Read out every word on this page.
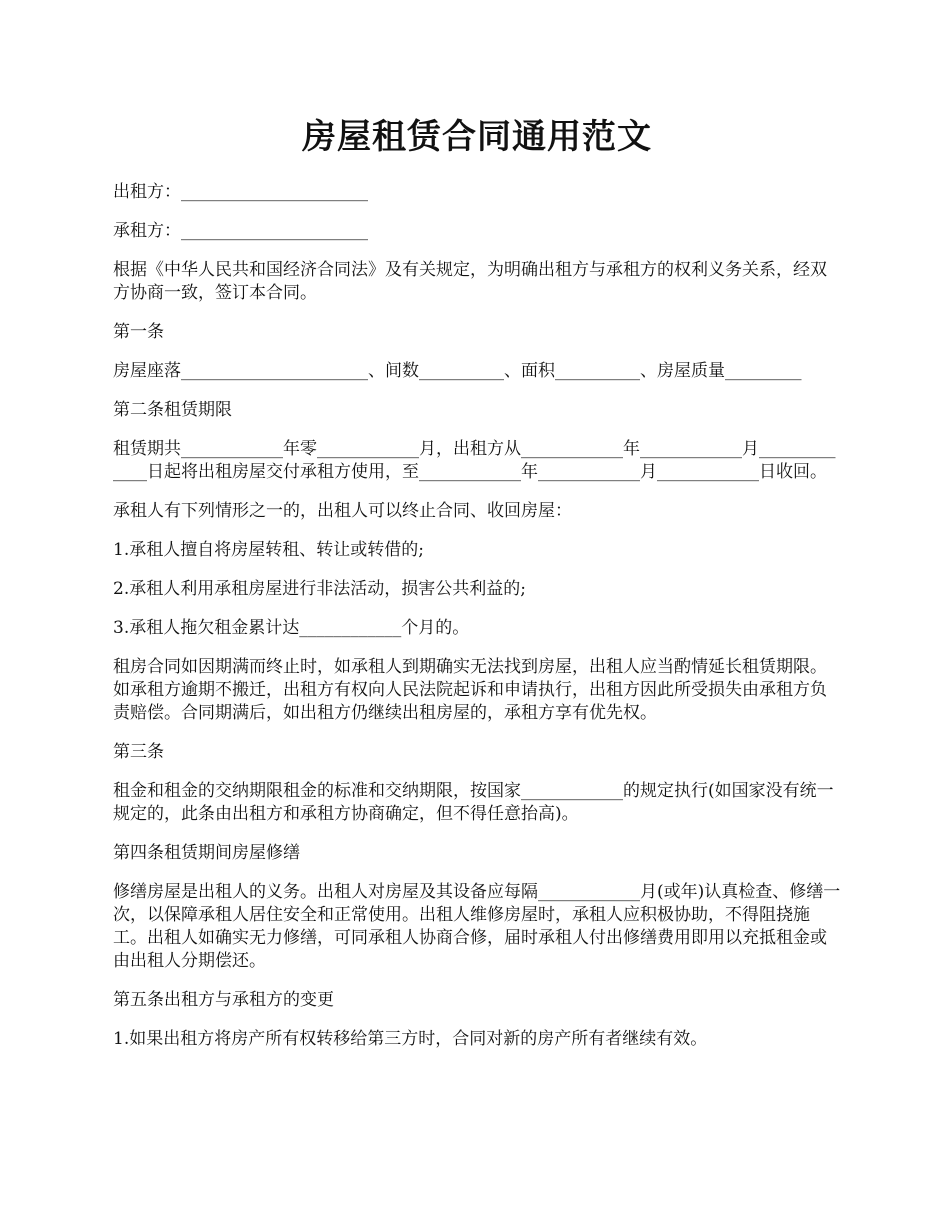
房屋租赁合同通用范文

出租方：______________________

承租方：______________________

根据《中华人民共和国经济合同法》及有关规定，为明确出租方与承租方的权利义务关系，经双方协商一致，签订本合同。

第一条

房屋座落______________________、间数__________、面积__________、房屋质量_________

第二条租赁期限

租赁期共____________年零____________月，出租方从____________年____________月_____________日起将出租房屋交付承租方使用，至____________年____________月____________日收回。

承租人有下列情形之一的，出租人可以终止合同、收回房屋：

1.承租人擅自将房屋转租、转让或转借的;

2.承租人利用承租房屋进行非法活动，损害公共利益的;

3.承租人拖欠租金累计达____________个月的。

租房合同如因期满而终止时，如承租人到期确实无法找到房屋，出租人应当酌情延长租赁期限。如承租方逾期不搬迁，出租方有权向人民法院起诉和申请执行，出租方因此所受损失由承租方负责赔偿。合同期满后，如出租方仍继续出租房屋的，承租方享有优先权。

第三条

租金和租金的交纳期限租金的标准和交纳期限，按国家____________的规定执行(如国家没有统一规定的，此条由出租方和承租方协商确定，但不得任意抬高)。

第四条租赁期间房屋修缮

修缮房屋是出租人的义务。出租人对房屋及其设备应每隔____________月(或年)认真检查、修缮一次，以保障承租人居住安全和正常使用。出租人维修房屋时，承租人应积极协助，不得阻挠施工。出租人如确实无力修缮，可同承租人协商合修，届时承租人付出修缮费用即用以充抵租金或由出租人分期偿还。

第五条出租方与承租方的变更

1.如果出租方将房产所有权转移给第三方时，合同对新的房产所有者继续有效。
